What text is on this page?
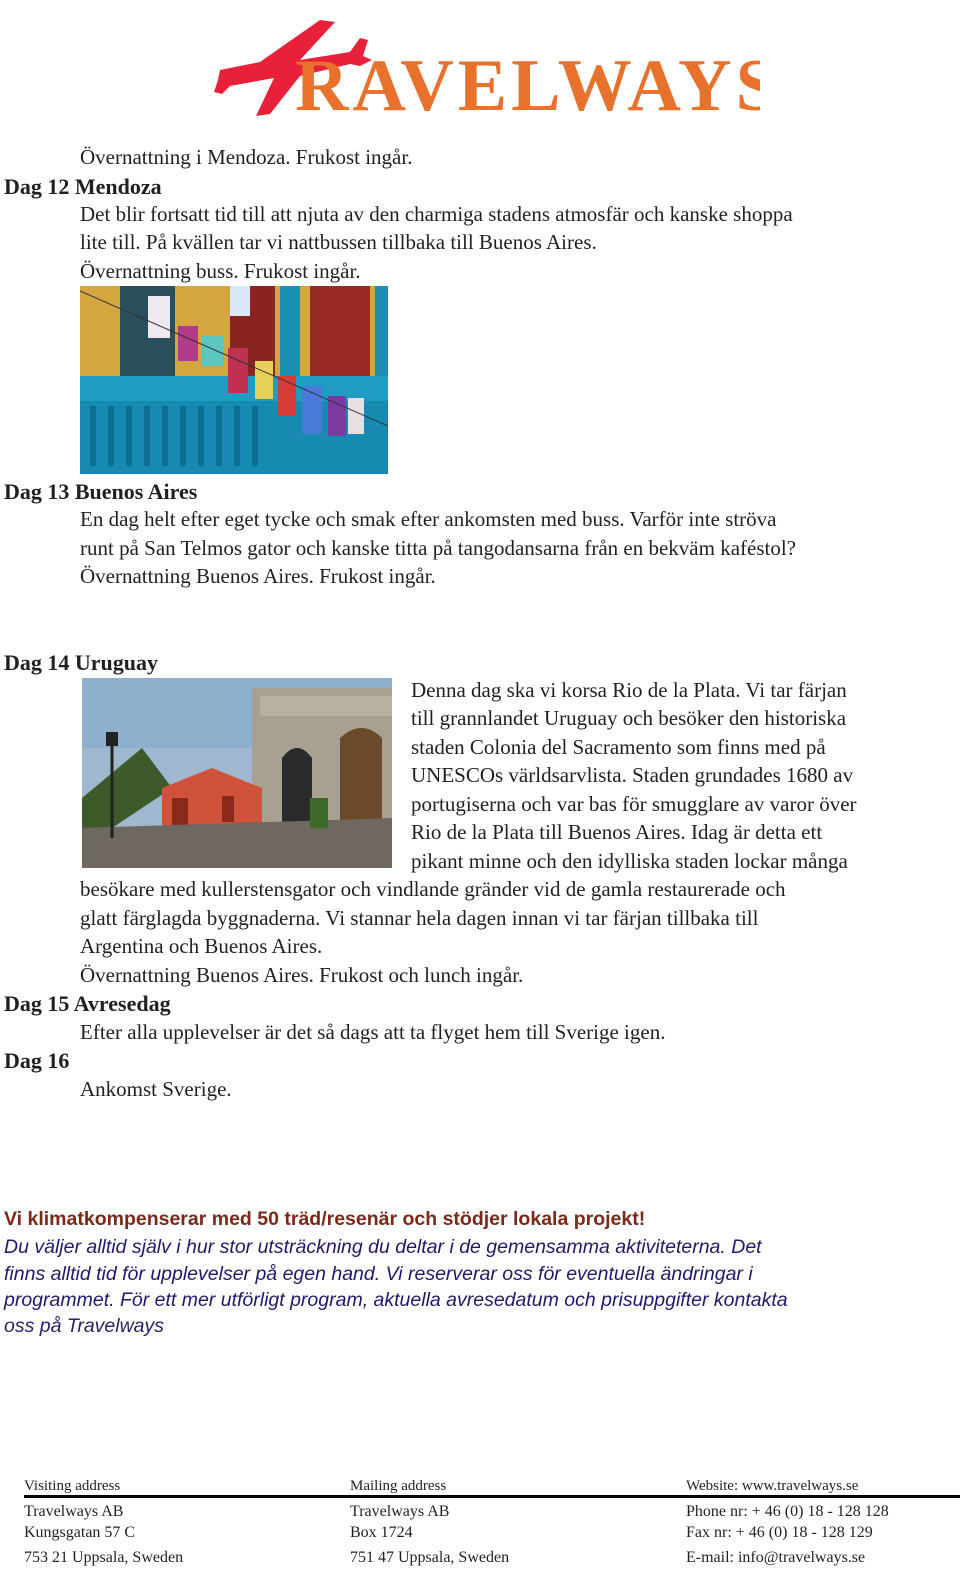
RAVELWAYS
Övernattning i Mendoza. Frukost ingår.
Dag 12 Mendoza
Det blir fortsatt tid till att njuta av den charmiga stadens atmosfär och kanske shoppa
lite till. På kvällen tar vi nattbussen tillbaka till Buenos Aires.
Övernattning buss. Frukost ingår.
Dag 13 Buenos Aires
En dag helt efter eget tycke och smak efter ankomsten med buss. Varför inte ströva
runt på San Telmos gator och kanske titta på tangodansarna från en bekväm kaféstol?
Övernattning Buenos Aires. Frukost ingår.
Dag 14 Uruguay
Denna dag ska vi korsa Rio de la Plata. Vi tar färjan
till grannlandet Uruguay och besöker den historiska
staden Colonia del Sacramento som finns med på
UNESCOs världsarvlista. Staden grundades 1680 av
portugiserna och var bas för smugglare av varor över
Rio de la Plata till Buenos Aires. Idag är detta ett
pikant minne och den idylliska staden lockar många
besökare med kullerstensgator och vindlande gränder vid de gamla restaurerade och
glatt färglagda byggnaderna. Vi stannar hela dagen innan vi tar färjan tillbaka till
Argentina och Buenos Aires.
Övernattning Buenos Aires. Frukost och lunch ingår.
Dag 15 Avresedag
Efter alla upplevelser är det så dags att ta flyget hem till Sverige igen.
Dag 16
Ankomst Sverige.
Vi klimatkompenserar med 50 träd/resenär och stödjer lokala projekt!
Du väljer alltid själv i hur stor utsträckning du deltar i de gemensamma aktiviteterna. Det
finns alltid tid för upplevelser på egen hand. Vi reserverar oss för eventuella ändringar i
programmet. För ett mer utförligt program, aktuella avresedatum och prisuppgifter kontakta
oss på Travelways
Visiting address	Mailing address	Website: www.travelways.se
Travelways AB
Kungsgatan 57 C
753 21 Uppsala, Sweden
Travelways AB
Box 1724
751 47 Uppsala, Sweden
Phone nr: + 46 (0) 18 - 128 128
Fax nr: + 46 (0) 18 - 128 129
E-mail: info@travelways.se
